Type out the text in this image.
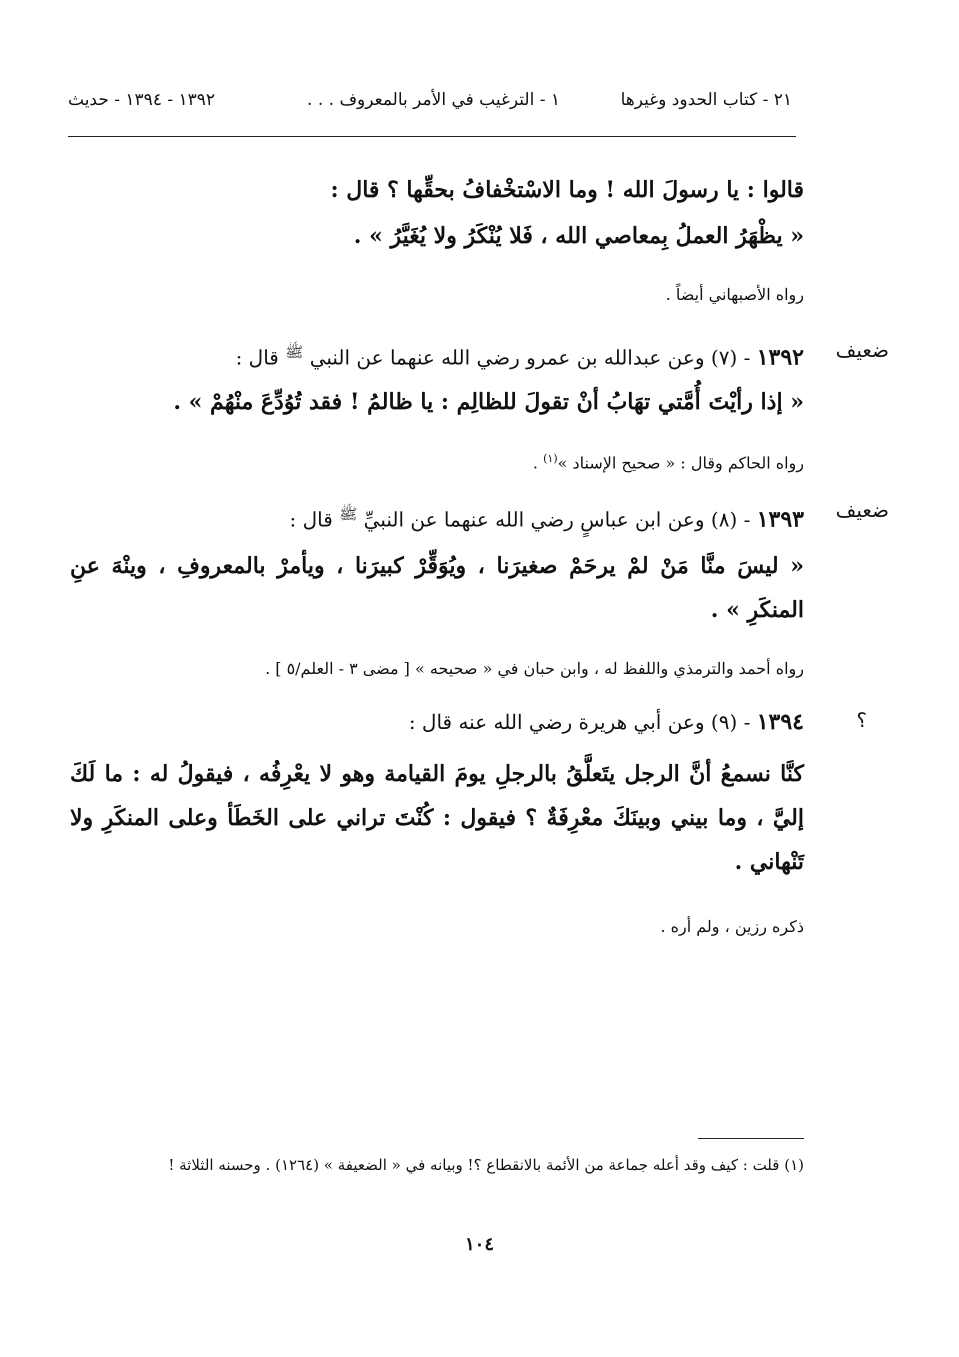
٢١ - كتاب الحدود وغيرها
١ - الترغيب في الأمر بالمعروف . . .
١٣٩٢ - ١٣٩٤ - حديث
قالوا : يا رسولَ الله ! وما الاسْتخْفافُ بحقِّها ؟ قال :
« يظْهَرُ العملُ بِمعاصي الله ، فَلا يُنْكَرُ ولا يُغَيَّرُ » .
رواه الأصبهاني أيضاً .
١٣٩٢ - (٧) وعن عبدالله بن عمرو رضي الله عنهما عن النبي $^ﷺ$ قال :
« إذا رأيْتَ أُمَّتي تهَابُ أنْ تقولَ للظالِم : يا ظالمُ ! فقد تُوُدِّعَ منْهُمْ » .
رواه الحاكم وقال : « صحيح الإسناد »$^{(١)}$ .
١٣٩٣ - (٨) وعن ابن عباسٍ رضي الله عنهما عن النبيِّ $^ﷺ$ قال :
« ليسَ منَّا مَنْ لمْ يرحَمْ صغيرَنا ، ويُوَقِّرْ كبيرَنا ، ويأمرْ بالمعروفِ ، وينْهَ عنِ المنكَرِ » .
رواه أحمد والترمذي واللفظ له ، وابن حبان في « صحيحه » [ مضى ٣ - العلم/٥ ] .
١٣٩٤ - (٩) وعن أبي هريرة رضي الله عنه قال :
كنَّا نسمعُ أنَّ الرجل يتَعلَّقُ بالرجلِ يومَ القيامة وهو لا يعْرِفُه ، فيقولُ له : ما لَكَ إليَّ ، وما بيني وبينَكَ معْرِفَةٌ ؟ فيقول : كُنْتَ تراني على الخَطَأ وعلى المنكَرِ ولا تَنْهاني .
ذكره رزين ، ولم أره .
ضعيف
ضعيف
؟
(١) قلت : كيف وقد أعله جماعة من الأئمة بالانقطاع ؟! وبيانه في « الضعيفة » (١٢٦٤) . وحسنه الثلاثة !
١٠٤
